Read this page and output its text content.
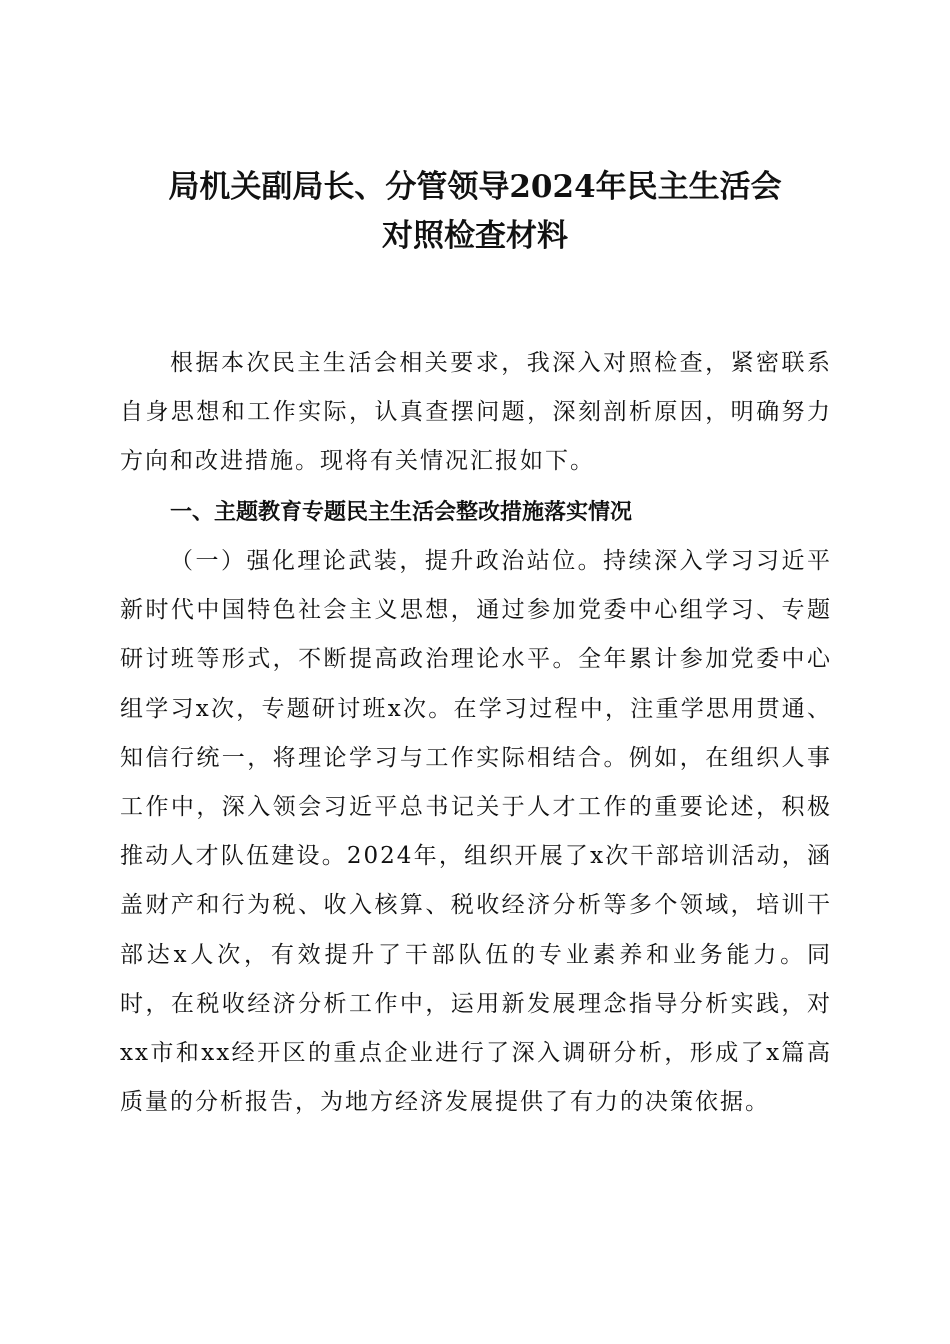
局机关副局长、分管领导2024年民主生活会
对照检查材料

根据本次民主生活会相关要求，我深入对照检查，紧密联系自身思想和工作实际，认真查摆问题，深刻剖析原因，明确努力方向和改进措施。现将有关情况汇报如下。

一、主题教育专题民主生活会整改措施落实情况

（一）强化理论武装，提升政治站位。持续深入学习习近平新时代中国特色社会主义思想，通过参加党委中心组学习、专题研讨班等形式，不断提高政治理论水平。全年累计参加党委中心组学习x次，专题研讨班x次。在学习过程中，注重学思用贯通、知信行统一，将理论学习与工作实际相结合。例如，在组织人事工作中，深入领会习近平总书记关于人才工作的重要论述，积极推动人才队伍建设。2024年，组织开展了x次干部培训活动，涵盖财产和行为税、收入核算、税收经济分析等多个领域，培训干部达x人次，有效提升了干部队伍的专业素养和业务能力。同时，在税收经济分析工作中，运用新发展理念指导分析实践，对xx市和xx经开区的重点企业进行了深入调研分析，形成了x篇高质量的分析报告，为地方经济发展提供了有力的决策依据。
